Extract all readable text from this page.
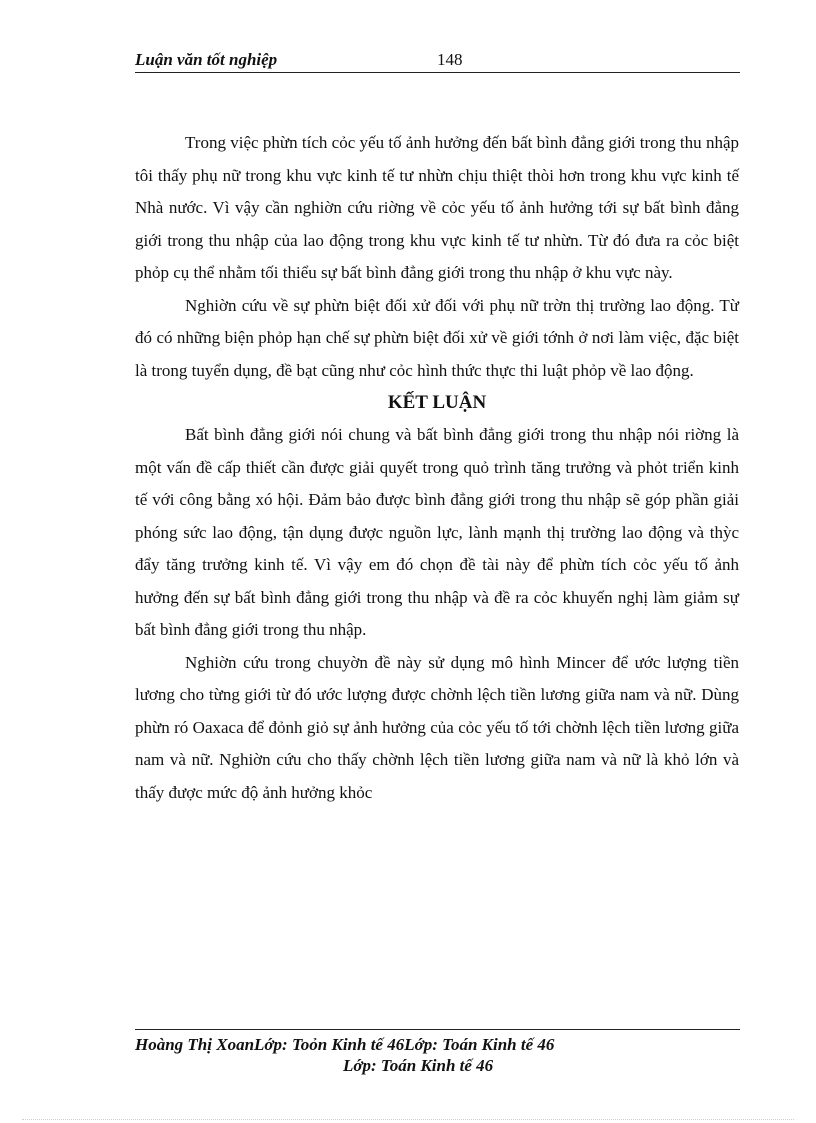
Luận văn tốt nghiệp	148

Trong việc phừn tích cỏc yếu tố ảnh hưởng đến bất bình đẳng giới trong thu nhập tôi thấy phụ nữ trong khu vực kinh tế tư nhừn chịu thiệt thòi hơn trong khu vực kinh tế Nhà nước. Vì vậy cần nghiờn cứu riờng về cỏc yếu tố ảnh hưởng tới sự bất bình đẳng giới trong thu nhập của lao động trong khu vực kinh tế tư nhừn. Từ đó đưa ra cỏc biệt phỏp cụ thể nhằm tối thiểu sự bất bình đẳng giới trong thu nhập ở khu vực này.

Nghiờn cứu về sự phừn biệt đối xử đối với phụ nữ trờn thị trường lao động. Từ đó có những biện phỏp hạn chế sự phừn biệt đối xử về giới tớnh ở nơi làm việc, đặc biệt là trong tuyển dụng, đề bạt cũng như cỏc hình thức thực thi luật phỏp về lao động.

KẾT LUẬN

Bất bình đẳng giới nói chung và bất bình đẳng giới trong thu nhập nói riờng là một vấn đề cấp thiết cần được giải quyết trong quỏ trình tăng trưởng và phỏt triển kinh tế với công bằng xó hội. Đảm bảo được bình đẳng giới trong thu nhập sẽ góp phần giải phóng sức lao động, tận dụng được nguồn lực, lành mạnh thị trường lao động và thỳc đẩy tăng trưởng kinh tế. Vì vậy em đó chọn đề tài này để phừn tích cỏc yếu tố ảnh hưởng đến sự bất bình đẳng giới trong thu nhập và đề ra cỏc khuyến nghị làm giảm sự bất bình đẳng giới trong thu nhập.

Nghiờn cứu trong chuyờn đề này sử dụng mô hình Mincer để ước lượng tiền lương cho từng giới từ đó ước lượng được chờnh lệch tiền lương giữa nam và nữ. Dùng phừn ró Oaxaca để đỏnh giỏ sự ảnh hưởng của cỏc yếu tố tới chờnh lệch tiền lương giữa nam và nữ. Nghiờn cứu cho thấy chờnh lệch tiền lương giữa nam và nữ là khỏ lớn và thấy được mức độ ảnh hưởng khỏc

Hoàng Thị XoanLớp: Toỏn Kinh tế 46Lớp: Toán Kinh tế 46
Lớp: Toán Kinh tế 46
